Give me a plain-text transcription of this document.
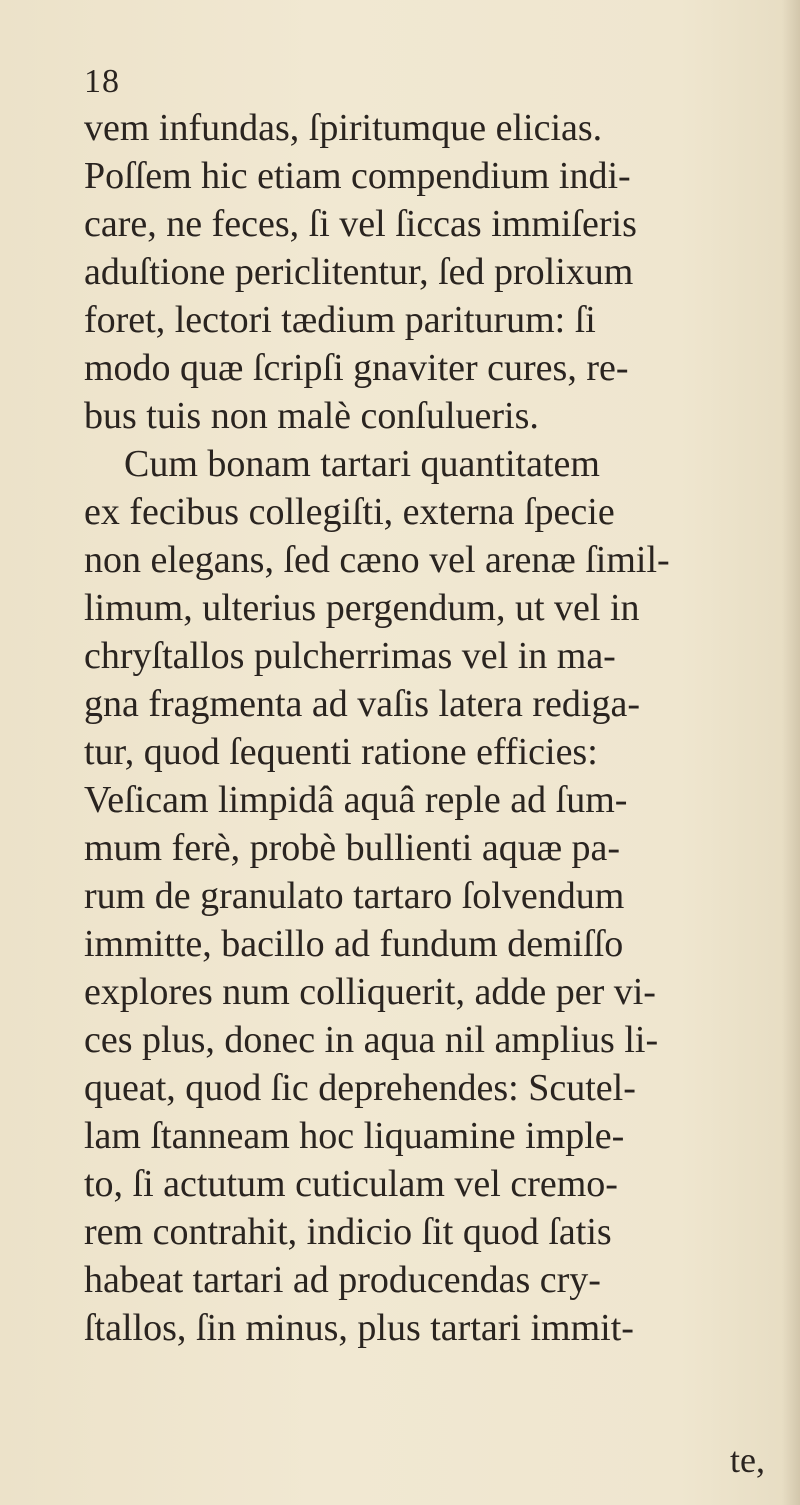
18
vem infundas, ſpiritumque elicias.
Poſſem hic etiam compendium indi-
care, ne feces, ſi vel ſiccas immiſeris
aduſtione periclitentur, ſed prolixum
foret, lectori tædium pariturum: ſi
modo quæ ſcripſi gnaviter cures, re-
bus tuis non malè conſulueris.
Cum bonam tartari quantitatem
ex fecibus collegiſti, externa ſpecie
non elegans, ſed cæno vel arenæ ſimil-
limum, ulterius pergendum, ut vel in
chryſtallos pulcherrimas vel in ma-
gna fragmenta ad vaſis latera rediga-
tur, quod ſequenti ratione efficies:
Veſicam limpidâ aquâ reple ad ſum-
mum ferè, probè bullienti aquæ pa-
rum de granulato tartaro ſolvendum
immitte, bacillo ad fundum demiſſo
explores num colliquerit, adde per vi-
ces plus, donec in aqua nil amplius li-
queat, quod ſic deprehendes: Scutel-
lam ſtanneam hoc liquamine imple-
to, ſi actutum cuticulam vel cremo-
rem contrahit, indicio ſit quod ſatis
habeat tartari ad producendas cry-
ſtallos, ſin minus, plus tartari immit-
te,
